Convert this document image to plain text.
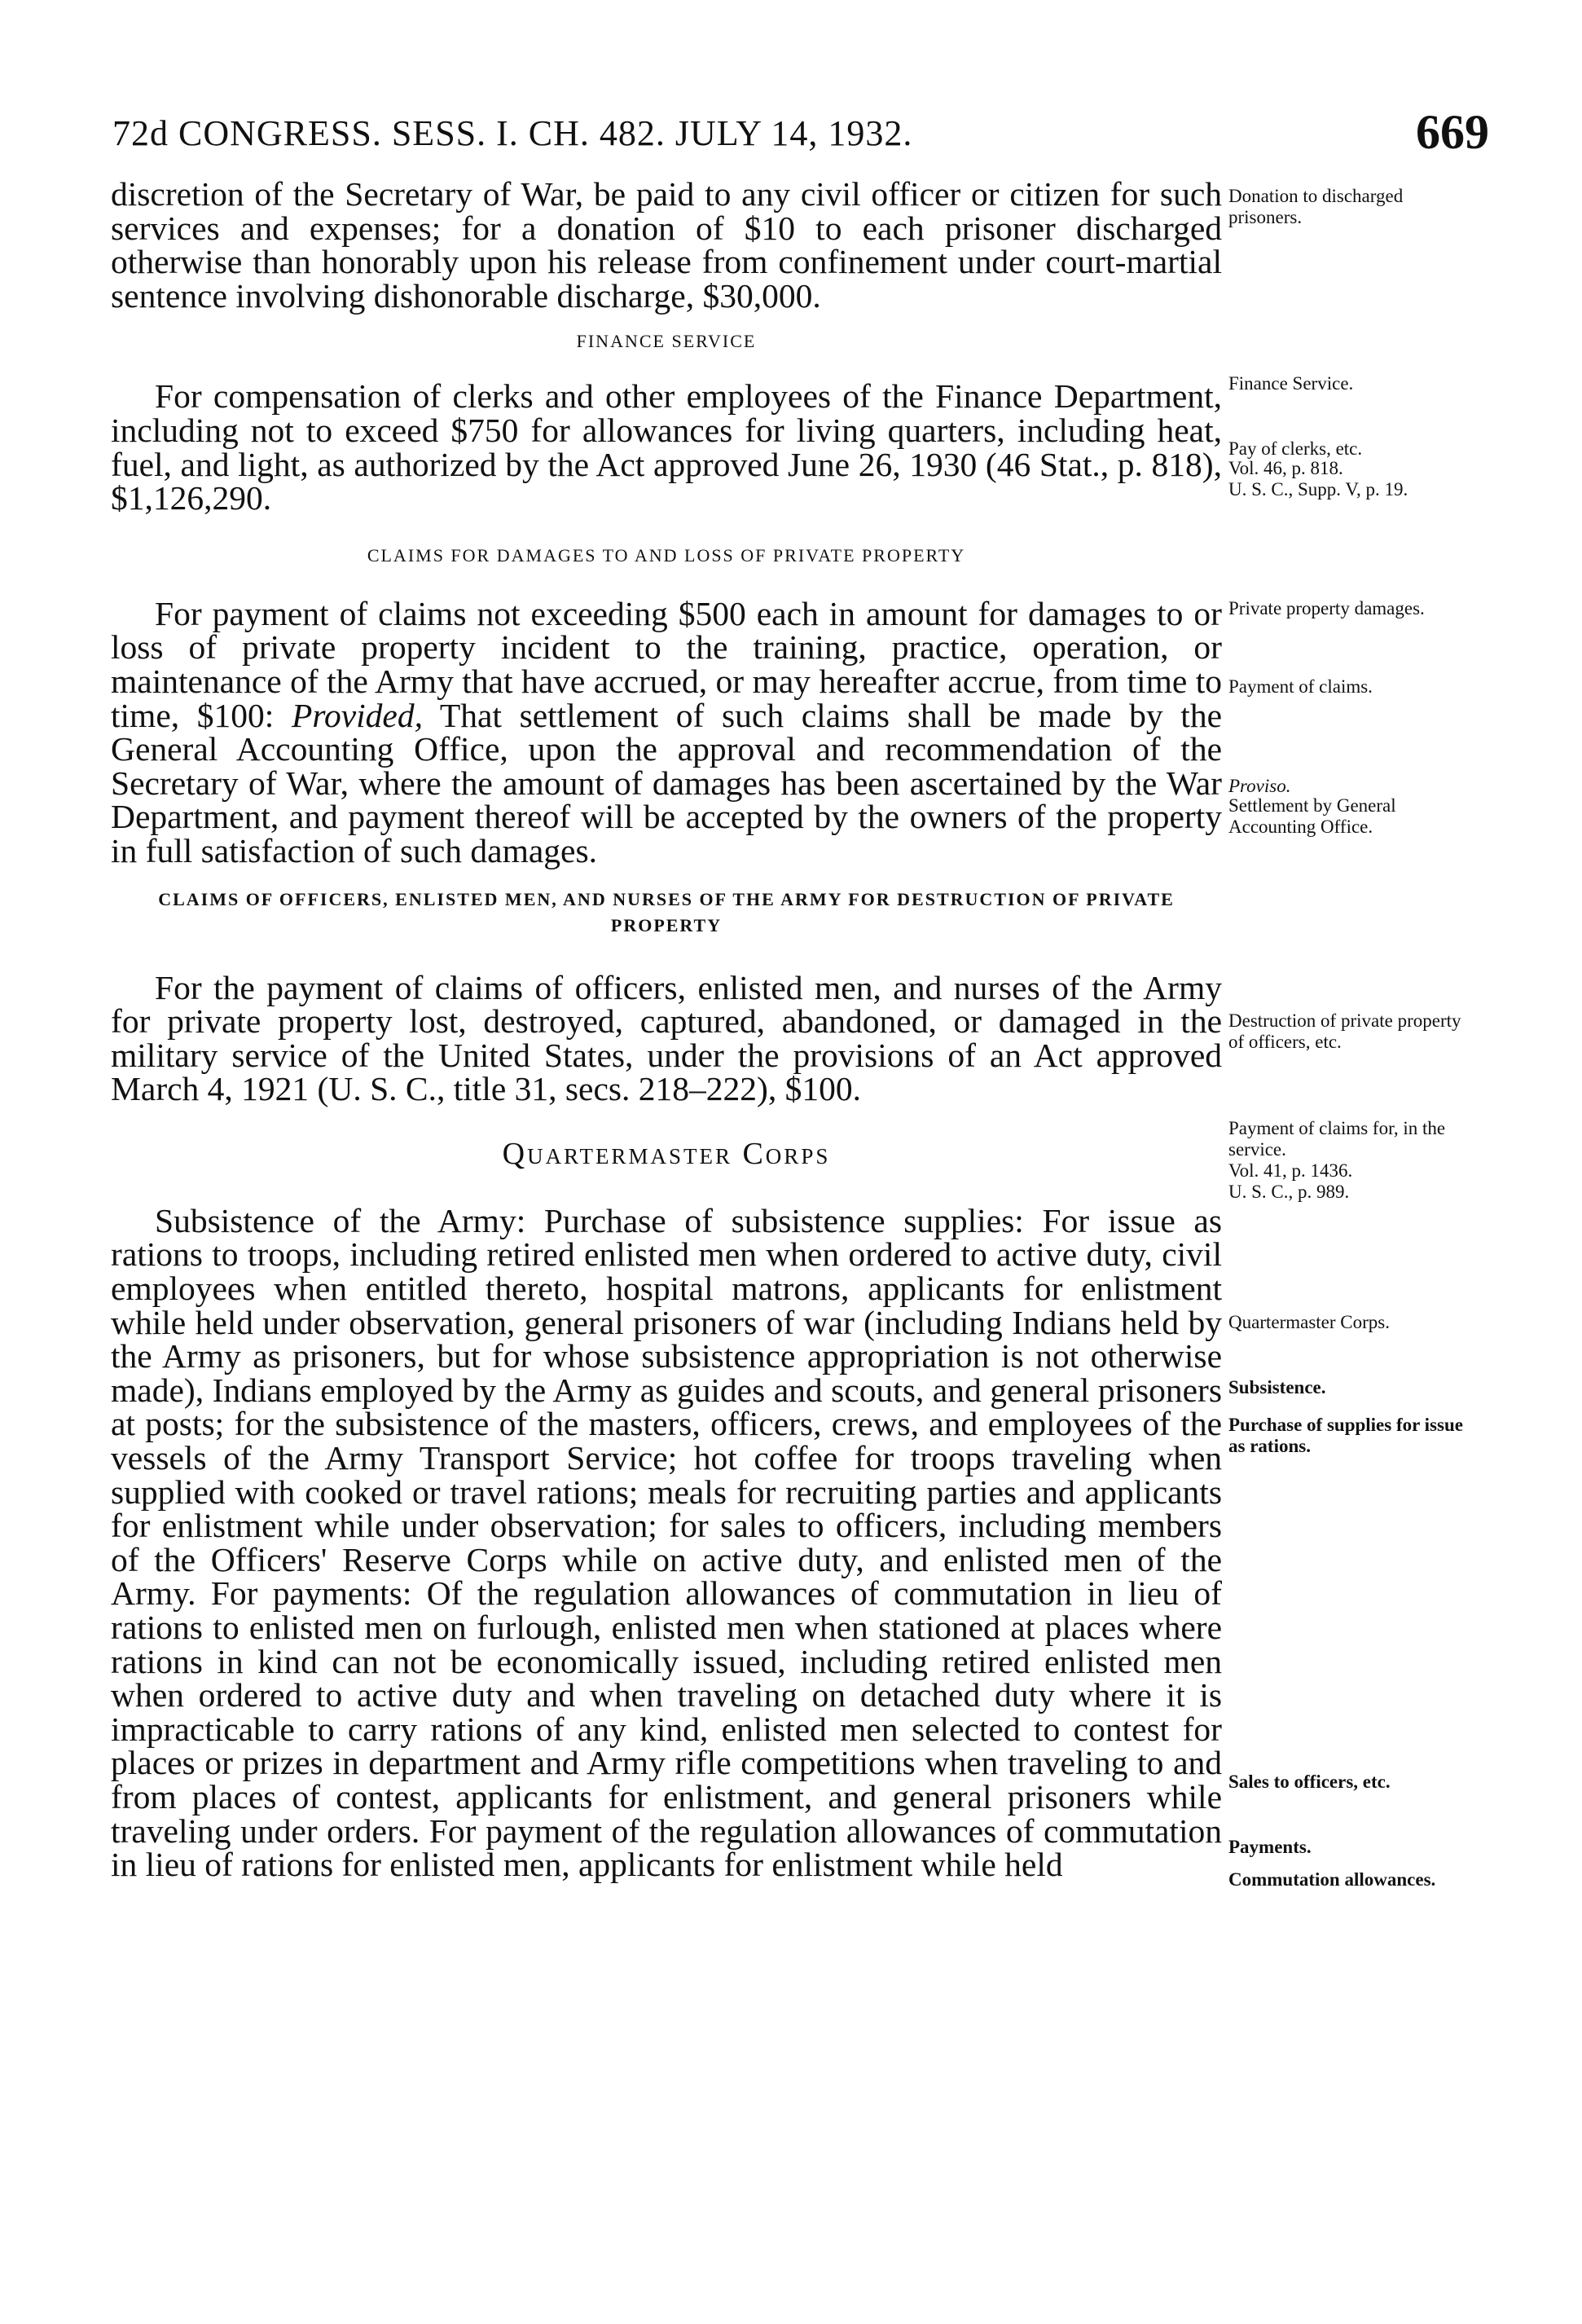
72d CONGRESS. SESS. I. CH. 482. JULY 14, 1932.	669

discretion of the Secretary of War, be paid to any civil officer or citizen for such services and expenses; for a donation of $10 to each prisoner discharged otherwise than honorably upon his release from confinement under court-martial sentence involving dishonorable discharge, $30,000.

FINANCE SERVICE

For compensation of clerks and other employees of the Finance Department, including not to exceed $750 for allowances for living quarters, including heat, fuel, and light, as authorized by the Act approved June 26, 1930 (46 Stat., p. 818), $1,126,290.

CLAIMS FOR DAMAGES TO AND LOSS OF PRIVATE PROPERTY

For payment of claims not exceeding $500 each in amount for damages to or loss of private property incident to the training, practice, operation, or maintenance of the Army that have accrued, or may hereafter accrue, from time to time, $100: Provided, That settlement of such claims shall be made by the General Accounting Office, upon the approval and recommendation of the Secretary of War, where the amount of damages has been ascertained by the War Department, and payment thereof will be accepted by the owners of the property in full satisfaction of such damages.

CLAIMS OF OFFICERS, ENLISTED MEN, AND NURSES OF THE ARMY FOR DESTRUCTION OF PRIVATE PROPERTY

For the payment of claims of officers, enlisted men, and nurses of the Army for private property lost, destroyed, captured, abandoned, or damaged in the military service of the United States, under the provisions of an Act approved March 4, 1921 (U. S. C., title 31, secs. 218–222), $100.

Quartermaster Corps

Subsistence of the Army: Purchase of subsistence supplies: For issue as rations to troops, including retired enlisted men when ordered to active duty, civil employees when entitled thereto, hospital matrons, applicants for enlistment while held under observation, general prisoners of war (including Indians held by the Army as prisoners, but for whose subsistence appropriation is not otherwise made), Indians employed by the Army as guides and scouts, and general prisoners at posts; for the subsistence of the masters, officers, crews, and employees of the vessels of the Army Transport Service; hot coffee for troops traveling when supplied with cooked or travel rations; meals for recruiting parties and applicants for enlistment while under observation; for sales to officers, including members of the Officers' Reserve Corps while on active duty, and enlisted men of the Army. For payments: Of the regulation allowances of commutation in lieu of rations to enlisted men on furlough, enlisted men when stationed at places where rations in kind can not be economically issued, including retired enlisted men when ordered to active duty and when traveling on detached duty where it is impracticable to carry rations of any kind, enlisted men selected to contest for places or prizes in department and Army rifle competitions when traveling to and from places of contest, applicants for enlistment, and general prisoners while traveling under orders. For payment of the regulation allowances of commutation in lieu of rations for enlisted men, applicants for enlistment while held

Donation to discharged prisoners.
Finance Service.
Pay of clerks, etc.
Vol. 46, p. 818.
U. S. C., Supp. V, p. 19.
Private property damages.
Payment of claims.
Proviso.
Settlement by General Accounting Office.
Destruction of private property of officers, etc.
Payment of claims for, in the service.
Vol. 41, p. 1436.
U. S. C., p. 989.
Quartermaster Corps.
Subsistence.
Purchase of supplies for issue as rations.
Sales to officers, etc.
Payments.
Commutation allowances.
